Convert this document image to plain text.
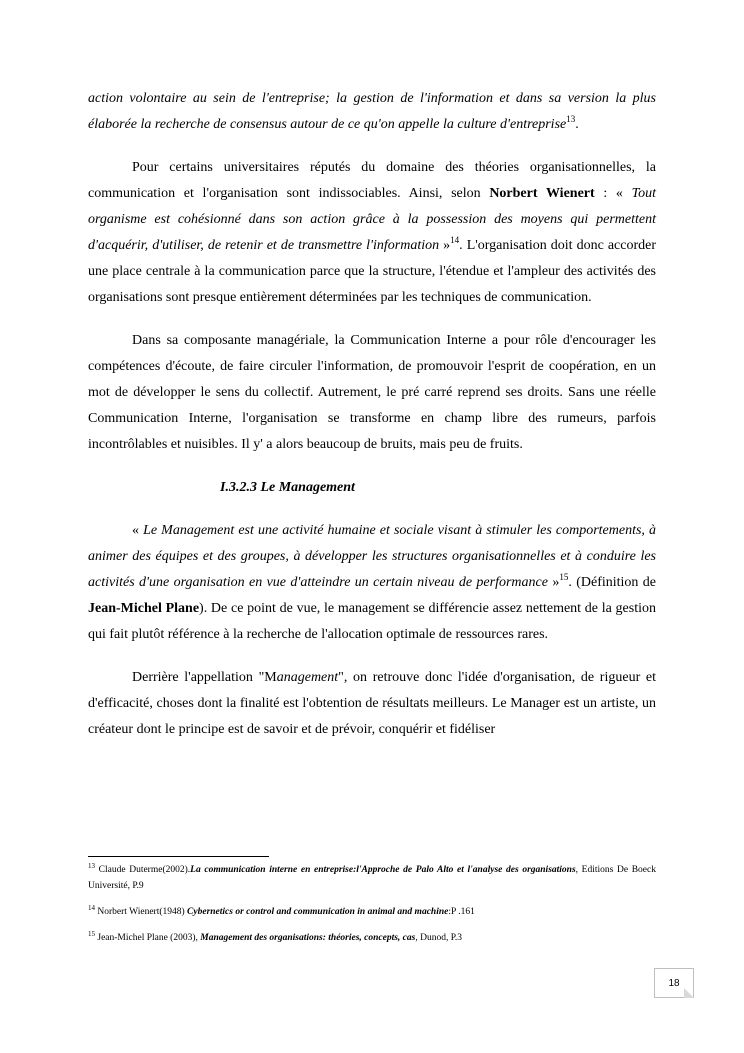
action volontaire au sein de l'entreprise; la gestion de l'information et dans sa version la plus élaborée la recherche de consensus autour de ce qu'on appelle la culture d'entreprise$^{13}$.

Pour certains universitaires réputés du domaine des théories organisationnelles, la communication et l'organisation sont indissociables. Ainsi, selon Norbert Wienert : « Tout organisme est cohésionné dans son action grâce à la possession des moyens qui permettent d'acquérir, d'utiliser, de retenir et de transmettre l'information »$^{14}$. L'organisation doit donc accorder une place centrale à la communication parce que la structure, l'étendue et l'ampleur des activités des organisations sont presque entièrement déterminées par les techniques de communication.

Dans sa composante managériale, la Communication Interne a pour rôle d'encourager les compétences d'écoute, de faire circuler l'information, de promouvoir l'esprit de coopération, en un mot de développer le sens du collectif. Autrement, le pré carré reprend ses droits. Sans une réelle Communication Interne, l'organisation se transforme en champ libre des rumeurs, parfois incontrôlables et nuisibles. Il y' a alors beaucoup de bruits, mais peu de fruits.

I.3.2.3 Le Management

« Le Management est une activité humaine et sociale visant à stimuler les comportements, à animer des équipes et des groupes, à développer les structures organisationnelles et à conduire les activités d'une organisation en vue d'atteindre un certain niveau de performance »$^{15}$. (Définition de Jean-Michel Plane). De ce point de vue, le management se différencie assez nettement de la gestion qui fait plutôt référence à la recherche de l'allocation optimale de ressources rares.

Derrière l'appellation "Management", on retrouve donc l'idée d'organisation, de rigueur et d'efficacité, choses dont la finalité est l'obtention de résultats meilleurs. Le Manager est un artiste, un créateur dont le principe est de savoir et de prévoir, conquérir et fidéliser

$^{13}$ Claude Duterme(2002).La communication interne en entreprise:l'Approche de Palo Alto et l'analyse des organisations, Editions De Boeck Université, P.9

$^{14}$ Norbert Wienert(1948) Cybernetics or control and communication in animal and machine:P .161

$^{15}$ Jean-Michel Plane (2003), Management des organisations: théories, concepts, cas, Dunod, P.3

18
